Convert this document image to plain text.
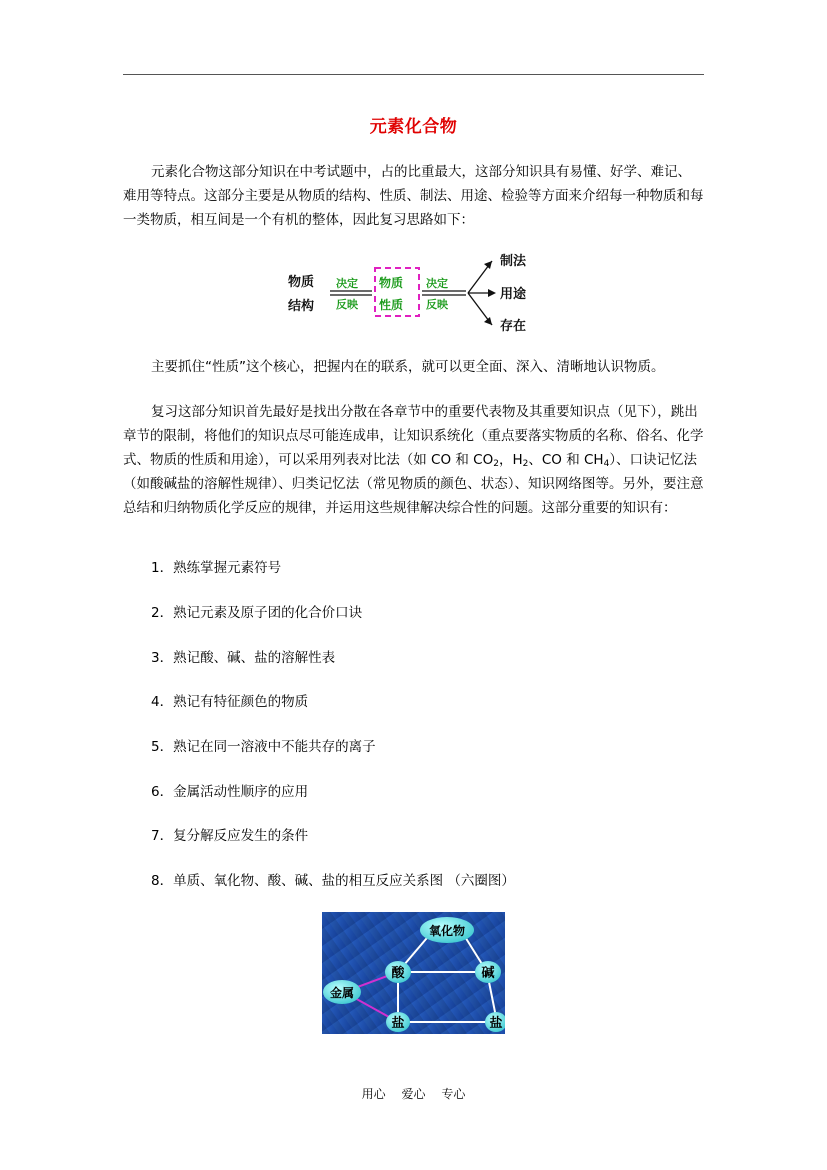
元素化合物

元素化合物这部分知识在中考试题中，占的比重最大，这部分知识具有易懂、好学、难记、难用等特点。这部分主要是从物质的结构、性质、制法、用途、检验等方面来介绍每一种物质和每一类物质，相互间是一个有机的整体，因此复习思路如下：

物质
结构
决定
反映
物质
性质
决定
反映
制法
用途
存在

主要抓住“性质”这个核心，把握内在的联系，就可以更全面、深入、清晰地认识物质。

复习这部分知识首先最好是找出分散在各章节中的重要代表物及其重要知识点（见下），跳出章节的限制，将他们的知识点尽可能连成串，让知识系统化（重点要落实物质的名称、俗名、化学式、物质的性质和用途），可以采用列表对比法（如 CO 和 $CO_2$，$H_2$、CO 和 $CH_4$）、口诀记忆法（如酸碱盐的溶解性规律）、归类记忆法（常见物质的颜色、状态）、知识网络图等。另外，要注意总结和归纳物质化学反应的规律，并运用这些规律解决综合性的问题。这部分重要的知识有：

1．熟练掌握元素符号

2．熟记元素及原子团的化合价口诀

3．熟记酸、碱、盐的溶解性表

4．熟记有特征颜色的物质

5．熟记在同一溶液中不能共存的离子

6．金属活动性顺序的应用

7．复分解反应发生的条件

8．单质、氧化物、酸、碱、盐的相互反应关系图 （六圈图）

氧化物
酸	碱
金属
盐	盐
用心 爱心 专心
